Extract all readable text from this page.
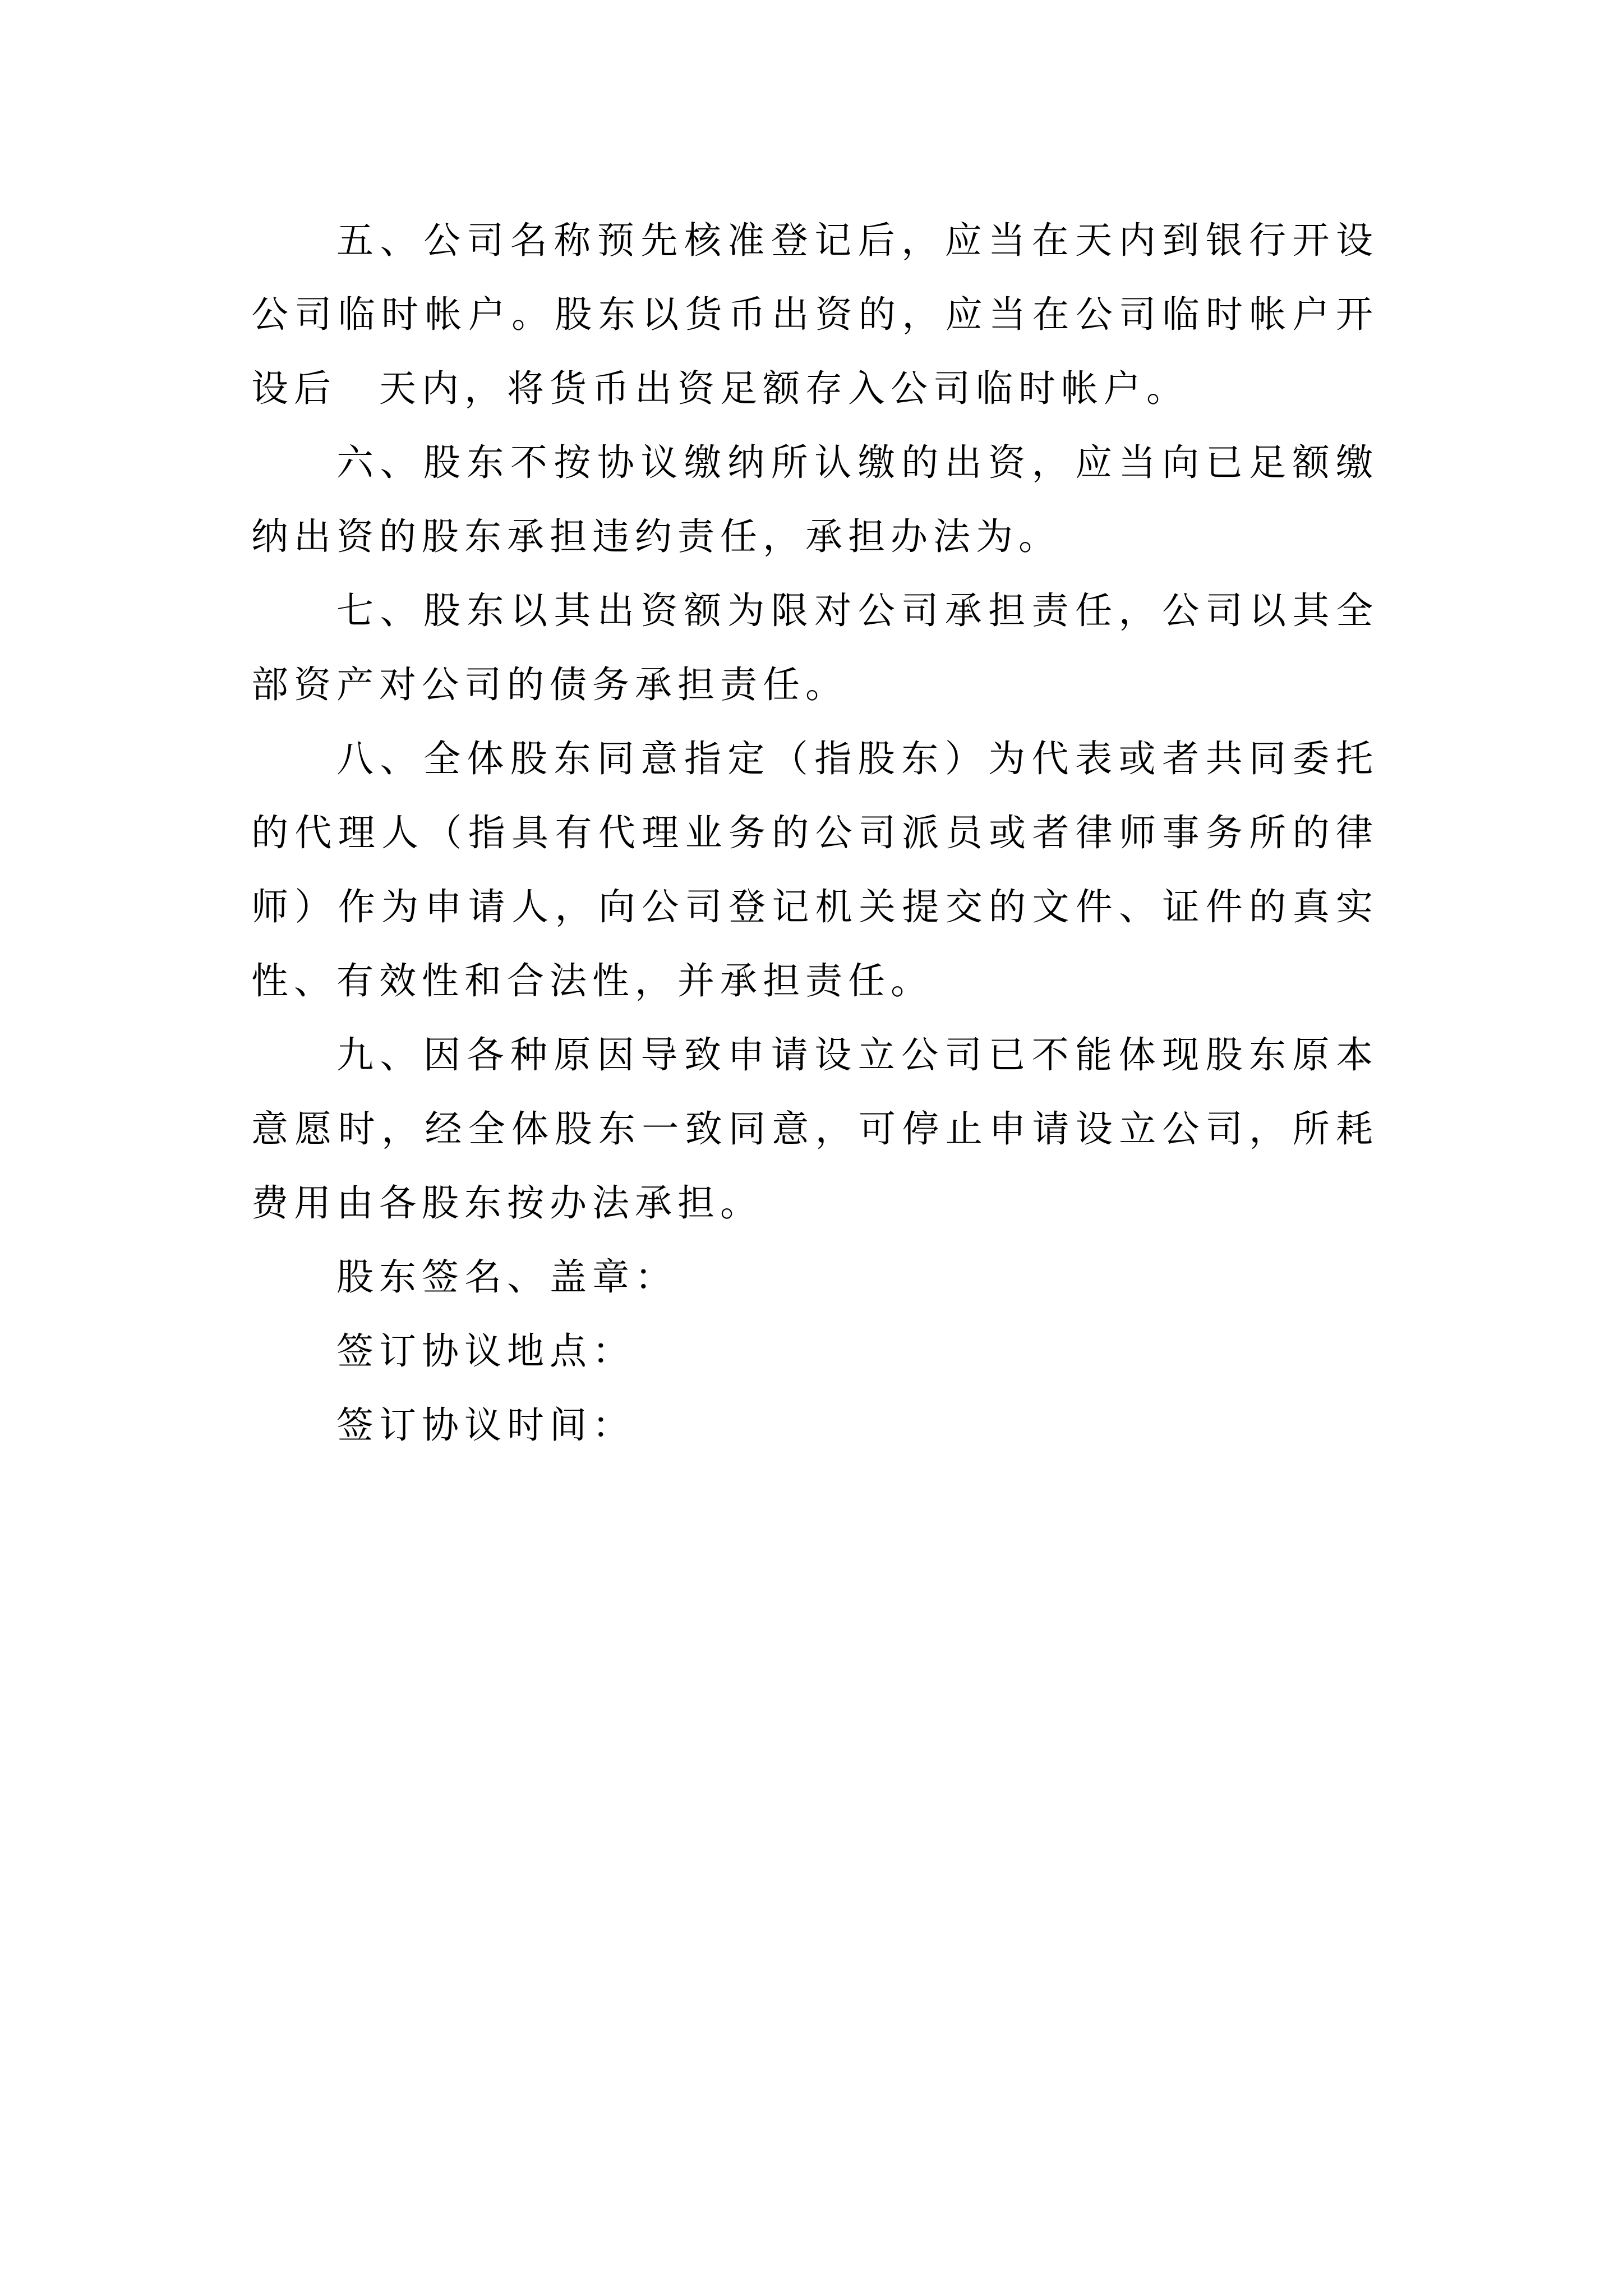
五、公司名称预先核准登记后，应当在天内到银行开设公司临时帐户。股东以货币出资的，应当在公司临时帐户开设后　天内，将货币出资足额存入公司临时帐户。

六、股东不按协议缴纳所认缴的出资，应当向已足额缴纳出资的股东承担违约责任，承担办法为。

七、股东以其出资额为限对公司承担责任，公司以其全部资产对公司的债务承担责任。

八、全体股东同意指定（指股东）为代表或者共同委托的代理人（指具有代理业务的公司派员或者律师事务所的律师）作为申请人，向公司登记机关提交的文件、证件的真实性、有效性和合法性，并承担责任。

九、因各种原因导致申请设立公司已不能体现股东原本意愿时，经全体股东一致同意，可停止申请设立公司，所耗费用由各股东按办法承担。

股东签名、盖章：

签订协议地点：

签订协议时间：
